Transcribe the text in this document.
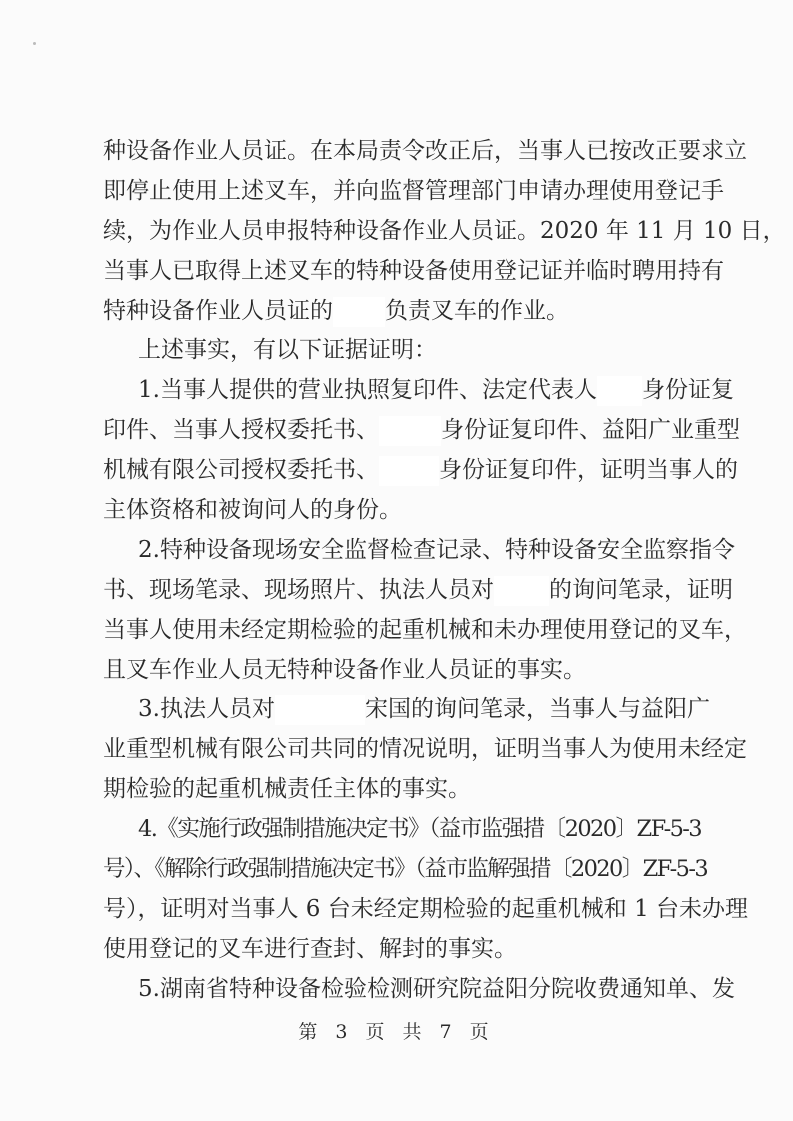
种设备作业人员证。在本局责令改正后，当事人已按改正要求立
即停止使用上述叉车，并向监督管理部门申请办理使用登记手
续，为作业人员申报特种设备作业人员证。2020 年 11 月 10 日，
当事人已取得上述叉车的特种设备使用登记证并临时聘用持有
特种设备作业人员证的 负责叉车的作业。
上述事实，有以下证据证明：
1.当事人提供的营业执照复印件、法定代表人 身份证复
印件、当事人授权委托书、	身份证复印件、益阳广业重型
机械有限公司授权委托书、	身份证复印件，证明当事人的
主体资格和被询问人的身份。
2.特种设备现场安全监督检查记录、特种设备安全监察指令
书、现场笔录、现场照片、执法人员对 的询问笔录，证明
当事人使用未经定期检验的起重机械和未办理使用登记的叉车，
且叉车作业人员无特种设备作业人员证的事实。
3.执法人员对	宋国的询问笔录，当事人与益阳广
业重型机械有限公司共同的情况说明，证明当事人为使用未经定
期检验的起重机械责任主体的事实。
4.《实施行政强制措施决定书》（益市监强措〔2020〕ZF-5-3
号）、《解除行政强制措施决定书》（益市监解强措〔2020〕ZF-5-3
号），证明对当事人 6 台未经定期检验的起重机械和 1 台未办理
使用登记的叉车进行查封、解封的事实。
5.湖南省特种设备检验检测研究院益阳分院收费通知单、发
第 3 页 共 7 页
